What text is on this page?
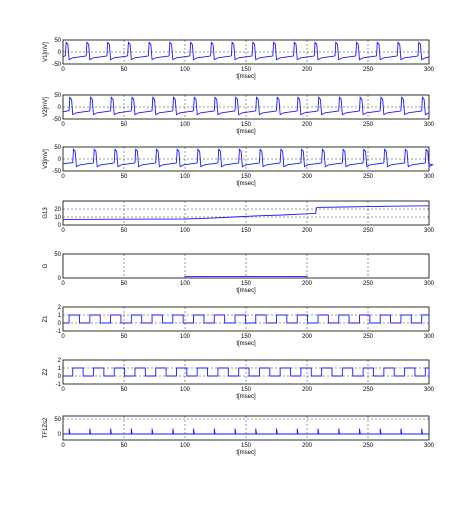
0	50	100	150	200	250	300
50
0
-50
V1[mV]
t[msec]
0	50	100	150	200	250	300
50
0
-50
V2[mV]
t[msec]
0	50	100	150	200	250	300
50
0
-50
V3[mV]
t[msec]
0	50	100	150	200	250	300
20
10
0
G13
0	50	100	150	200	250	300
50
0
G
t[msec]
0	50	100	150	200	250	300
2
1
0
-1
Z1
t[msec]
0	50	100	150	200	250	300
2
1
0
-1
Z2
t[msec]
0	50	100	150	200	250	300
50
0
TF1Zs2
t[msec]
